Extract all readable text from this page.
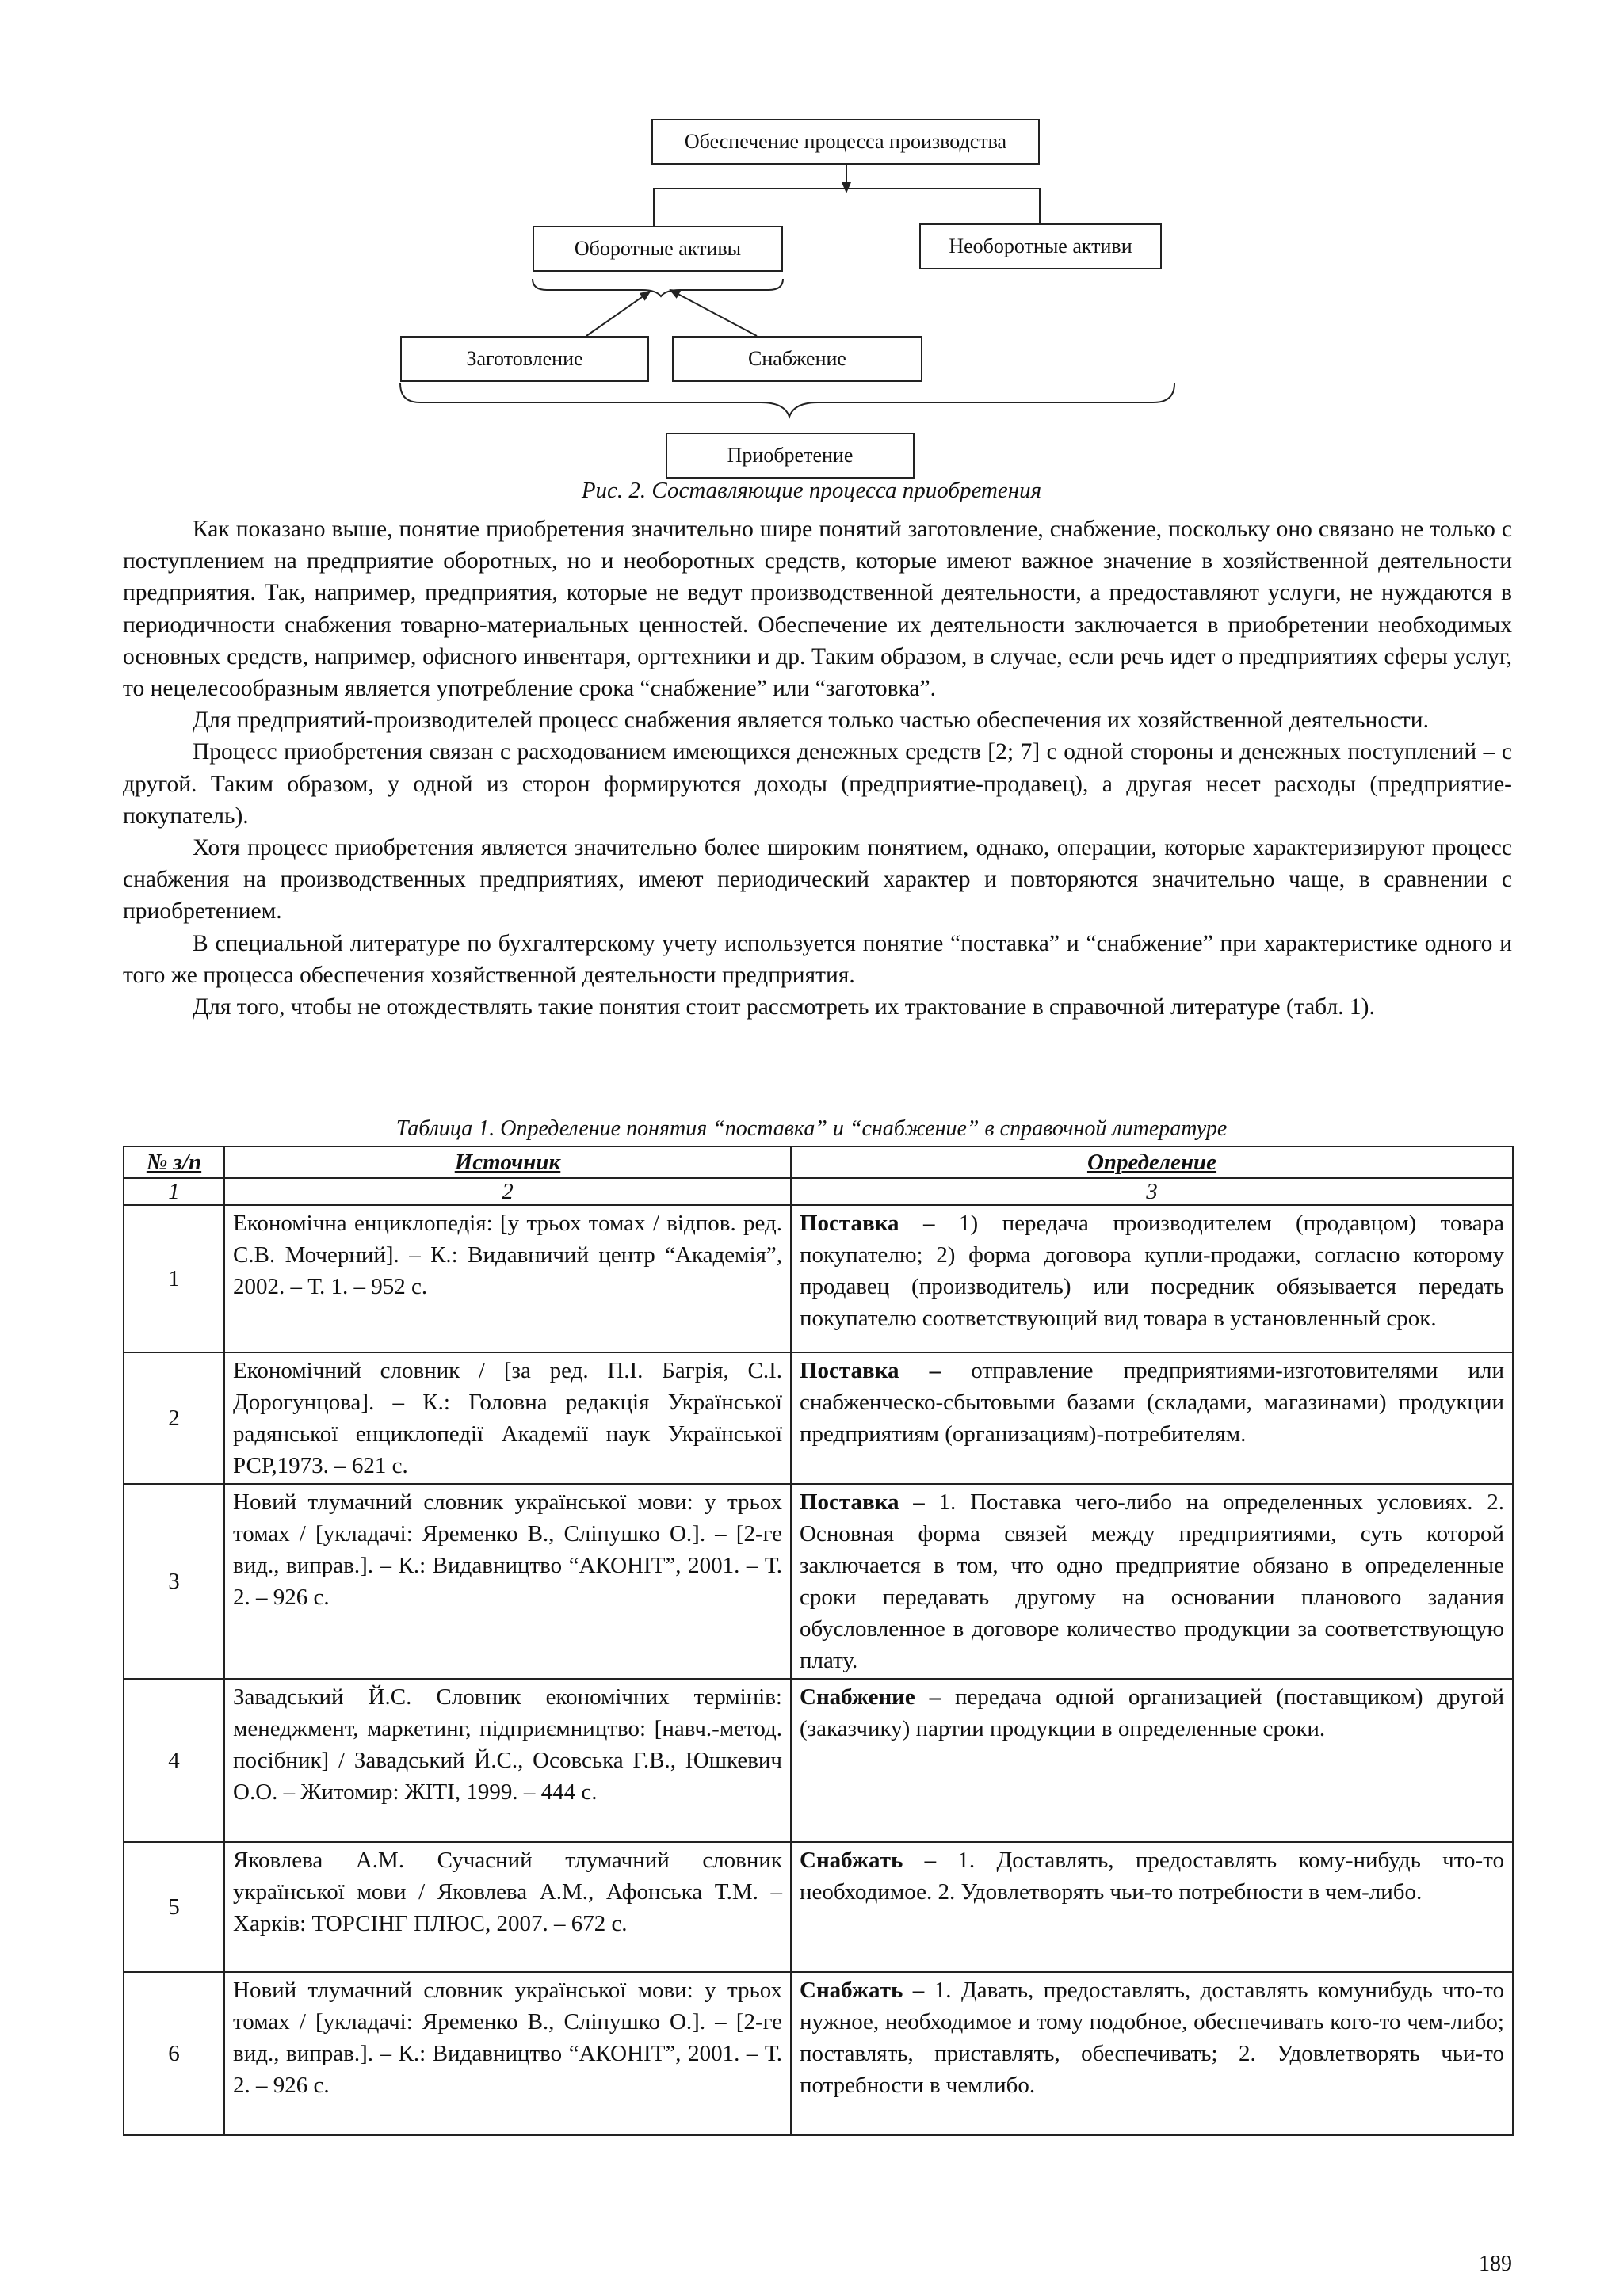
Обеспечение процесса производства
Оборотные активы	Необоротные активи
Заготовление	Снабжение
Приобретение
Рис. 2. Составляющие процесса приобретения

Как показано выше, понятие приобретения значительно шире понятий заготовление, снабжение, поскольку оно связано не только с поступлением на предприятие оборотных, но и необоротных средств, которые имеют важное значение в хозяйственной деятельности предприятия. Так, например, предприятия, которые не ведут производственной деятельности, а предоставляют услуги, не нуждаются в периодичности снабжения товарно-материальных ценностей. Обеспечение их деятельности заключается в приобретении необходимых основных средств, например, офисного инвентаря, оргтехники и др. Таким образом, в случае, если речь идет о предприятиях сферы услуг, то нецелесообразным является употребление срока “снабжение” или “заготовка”.

Для предприятий-производителей процесс снабжения является только частью обеспечения их хозяйственной деятельности.

Процесс приобретения связан с расходованием имеющихся денежных средств [2; 7] с одной стороны и денежных поступлений – с другой. Таким образом, у одной из сторон формируются доходы (предприятие-продавец), а другая несет расходы (предприятие-покупатель).

Хотя процесс приобретения является значительно более широким понятием, однако, операции, которые характеризируют процесс снабжения на производственных предприятиях, имеют периодический характер и повторяются значительно чаще, в сравнении с приобретением.

В специальной литературе по бухгалтерскому учету используется понятие “поставка” и “снабжение” при характеристике одного и того же процесса обеспечения хозяйственной деятельности предприятия.

Для того, чтобы не отождествлять такие понятия стоит рассмотреть их трактование в справочной литературе (табл. 1).

Таблица 1. Определение понятия “поставка” и “снабжение” в справочной литературе
№ з/п	Источник	Определение
1	2	3
1	Економічна енциклопедія: [у трьох томах / відпов. ред. С.В. Мочерний]. – К.: Видавничий центр “Академія”, 2002. – Т. 1. – 952 с.	Поставка – 1) передача производителем (продавцом) товара покупателю; 2) форма договора купли-продажи, согласно которому продавец (производитель) или посредник обязывается передать покупателю соответствующий вид товара в установленный срок.
2	Економічний словник / [за ред. П.І. Багрія, С.І. Дорогунцова]. – К.: Головна редакція Української радянської енциклопедії Академії наук Української РСР,1973. – 621 с.	Поставка – отправление предприятиями-изготовителями или снабженческо-сбытовыми базами (складами, магазинами) продукции предприятиям (организациям)-потребителям.
3	Новий тлумачний словник української мови: у трьох томах / [укладачі: Яременко В., Сліпушко О.]. – [2-ге вид., виправ.]. – К.: Видавництво “АКОНІТ”, 2001. – Т. 2. – 926 с.	Поставка – 1. Поставка чего-либо на определенных условиях. 2. Основная форма связей между предприятиями, суть которой заключается в том, что одно предприятие обязано в определенные сроки передавать другому на основании планового задания обусловленное в договоре количество продукции за соответствующую плату.
4	Завадський Й.С. Словник економічних термінів: менеджмент, маркетинг, підприємництво: [навч.-метод. посібник] / Завадський Й.С., Осовська Г.В., Юшкевич О.О. – Житомир: ЖІТІ, 1999. – 444 с.	Снабжение – передача одной организацией (поставщиком) другой (заказчику) партии продукции в определенные сроки.
5	Яковлева А.М. Сучасний тлумачний словник української мови / Яковлева А.М., Афонська Т.М. – Харків: ТОРСІНГ ПЛЮС, 2007. – 672 с.	Снабжать – 1. Доставлять, предоставлять кому-нибудь что-то необходимое. 2. Удовлетворять чьи-то потребности в чем-либо.
6	Новий тлумачний словник української мови: у трьох томах / [укладачі: Яременко В., Сліпушко О.]. – [2-ге вид., виправ.]. – К.: Видавництво “АКОНІТ”, 2001. – Т. 2. – 926 с.	Снабжать – 1. Давать, предоставлять, доставлять комунибудь что-то нужное, необходимое и тому подобное, обеспечивать кого-то чем-либо; поставлять, приставлять, обеспечивать; 2. Удовлетворять чьи-то потребности в чемлибо.
189
